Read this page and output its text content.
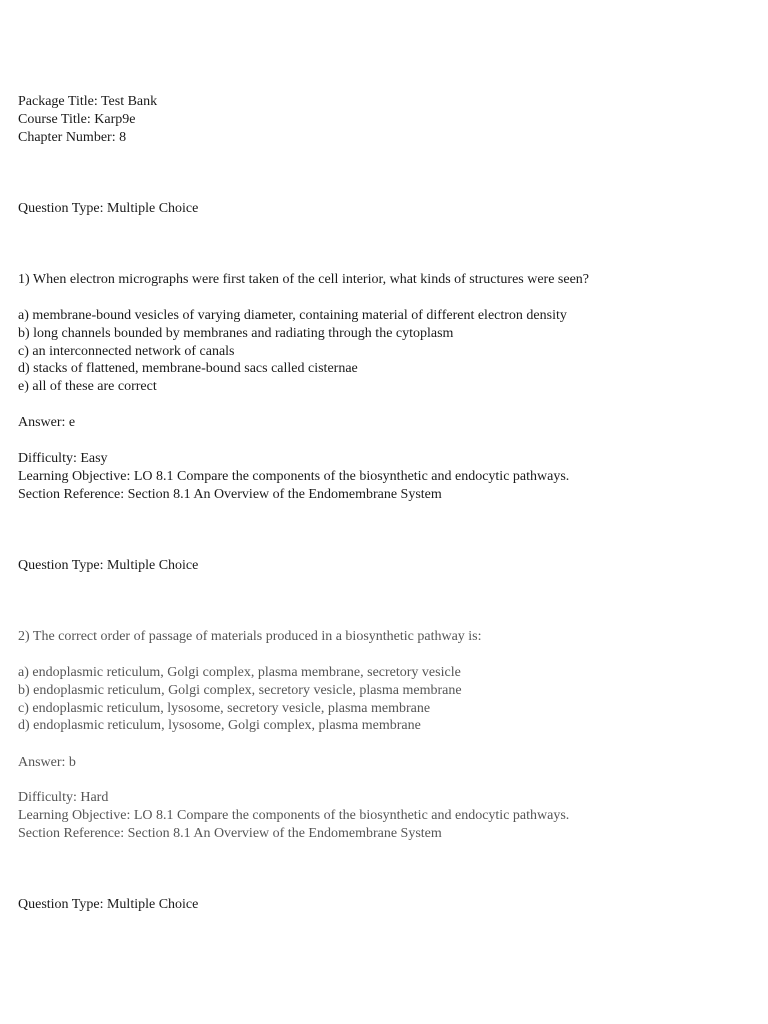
Package Title: Test Bank
Course Title: Karp9e
Chapter Number: 8
Question Type: Multiple Choice
1) When electron micrographs were first taken of the cell interior, what kinds of structures were seen?
a) membrane-bound vesicles of varying diameter, containing material of different electron density
b) long channels bounded by membranes and radiating through the cytoplasm
c) an interconnected network of canals
d) stacks of flattened, membrane-bound sacs called cisternae
e) all of these are correct
Answer: e
Difficulty: Easy
Learning Objective: LO 8.1 Compare the components of the biosynthetic and endocytic pathways.
Section Reference: Section 8.1 An Overview of the Endomembrane System
Question Type: Multiple Choice
2) The correct order of passage of materials produced in a biosynthetic pathway is:
a) endoplasmic reticulum, Golgi complex, plasma membrane, secretory vesicle
b) endoplasmic reticulum, Golgi complex, secretory vesicle, plasma membrane
c) endoplasmic reticulum, lysosome, secretory vesicle, plasma membrane
d) endoplasmic reticulum, lysosome, Golgi complex, plasma membrane
Answer: b
Difficulty: Hard
Learning Objective: LO 8.1 Compare the components of the biosynthetic and endocytic pathways.
Section Reference: Section 8.1 An Overview of the Endomembrane System
Question Type: Multiple Choice
